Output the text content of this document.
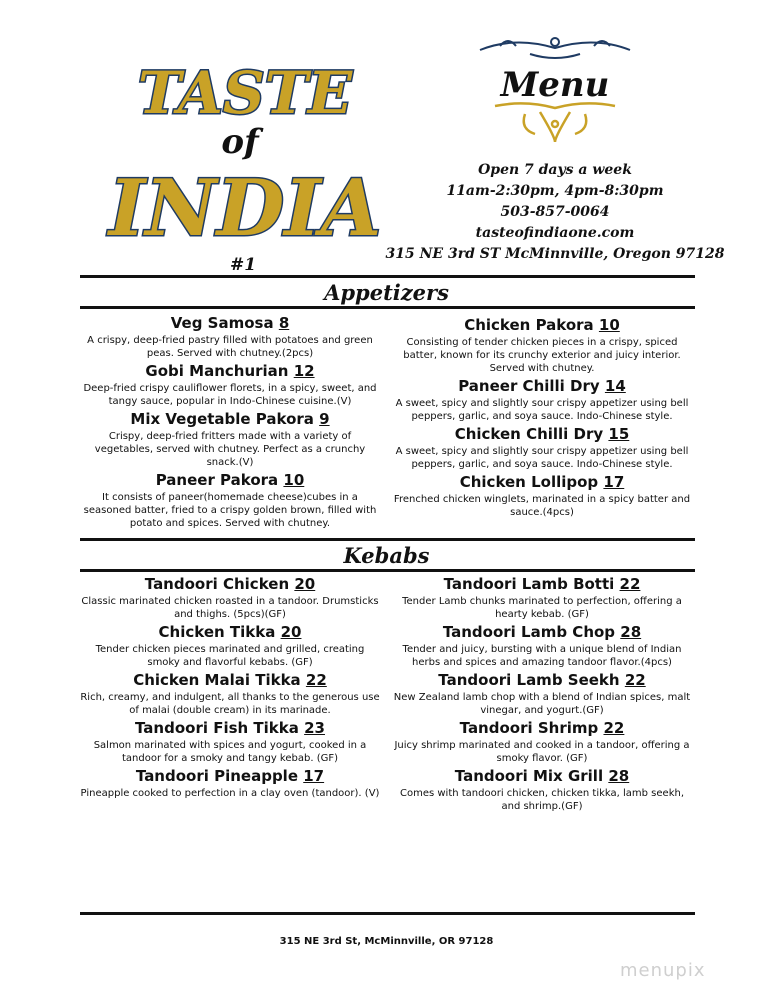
TASTE
of
INDIA
#1
Menu
Open 7 days a week
11am-2:30pm, 4pm-8:30pm
503-857-0064
tasteofindiaone.com
315 NE 3rd ST McMinnville, Oregon 97128
Appetizers
Veg Samosa 8
A crispy, deep-fried pastry filled with potatoes and green peas. Served with chutney.(2pcs)
Gobi Manchurian 12
Deep-fried crispy cauliflower florets, in a spicy, sweet, and tangy sauce, popular in Indo-Chinese cuisine.(V)
Mix Vegetable Pakora 9
Crispy, deep-fried fritters made with a variety of vegetables, served with chutney. Perfect as a crunchy snack.(V)
Paneer Pakora 10
It consists of paneer(homemade cheese)cubes in a seasoned batter, fried to a crispy golden brown, filled with potato and spices. Served with chutney.
Chicken Pakora 10
Consisting of tender chicken pieces in a crispy, spiced batter, known for its crunchy exterior and juicy interior. Served with chutney.
Paneer Chilli Dry 14
A sweet, spicy and slightly sour crispy appetizer using bell peppers, garlic, and soya sauce. Indo-Chinese style.
Chicken Chilli Dry 15
A sweet, spicy and slightly sour crispy appetizer using bell peppers, garlic, and soya sauce. Indo-Chinese style.
Chicken Lollipop 17
Frenched chicken winglets, marinated in a spicy batter and sauce.(4pcs)
Kebabs
Tandoori Chicken 20
Classic marinated chicken roasted in a tandoor. Drumsticks and thighs. (5pcs)(GF)
Chicken Tikka 20
Tender chicken pieces marinated and grilled, creating smoky and flavorful kebabs. (GF)
Chicken Malai Tikka 22
Rich, creamy, and indulgent, all thanks to the generous use of malai (double cream) in its marinade.
Tandoori Fish Tikka 23
Salmon marinated with spices and yogurt, cooked in a tandoor for a smoky and tangy kebab. (GF)
Tandoori Pineapple 17
Pineapple cooked to perfection in a clay oven (tandoor). (V)
Tandoori Lamb Botti 22
Tender Lamb chunks marinated to perfection, offering a hearty kebab. (GF)
Tandoori Lamb Chop 28
Tender and juicy, bursting with a unique blend of Indian herbs and spices and amazing tandoor flavor.(4pcs)
Tandoori Lamb Seekh 22
New Zealand lamb chop with a blend of Indian spices, malt vinegar, and yogurt.(GF)
Tandoori Shrimp 22
Juicy shrimp marinated and cooked in a tandoor, offering a smoky flavor. (GF)
Tandoori Mix Grill 28
Comes with tandoori chicken, chicken tikka, lamb seekh, and shrimp.(GF)
315 NE 3rd St, McMinnville, OR 97128
menupix
